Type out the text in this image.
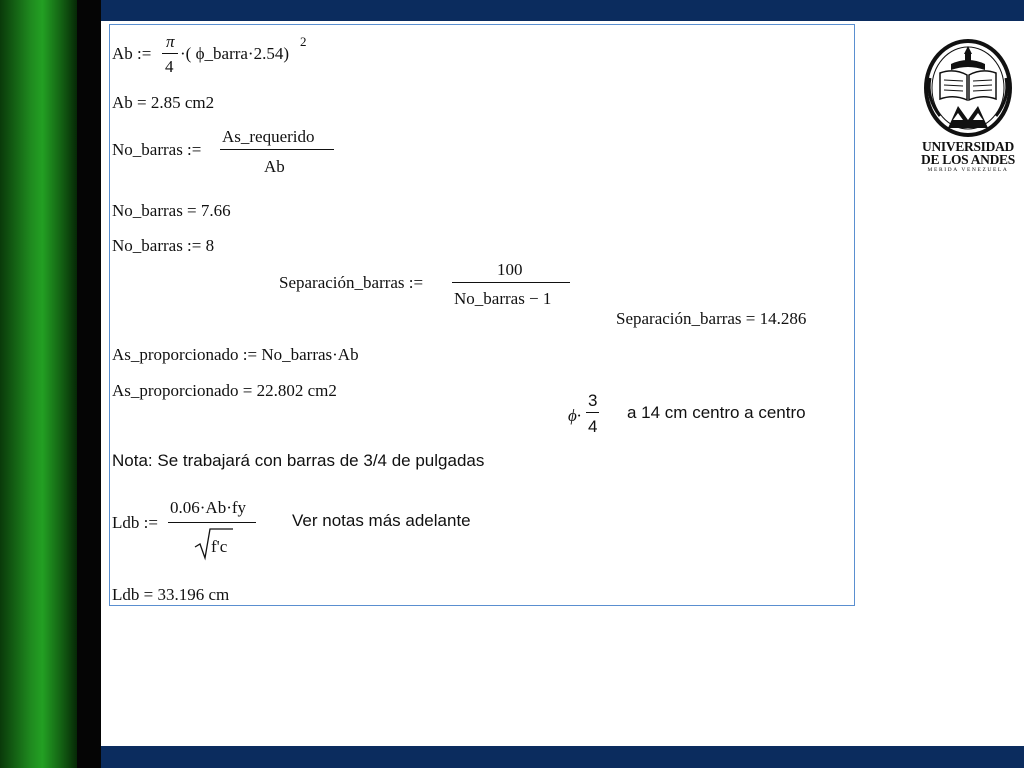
Ab :=
π
4
·( ϕ_barra·2.54)
2
Ab = 2.85 cm2
No_barras :=
As_requerido
Ab
No_barras = 7.66
No_barras := 8
Separación_barras :=
100
No_barras − 1
Separación_barras = 14.286
As_proporcionado := No_barras·Ab
As_proporcionado = 22.802 cm2
ϕ·
3
4
a 14 cm centro a centro
Nota: Se trabajará con barras de 3/4 de pulgadas
Ldb :=
0.06·Ab·fy
f'c
Ver notas más adelante
Ldb = 33.196 cm
UNIVERSIDAD
DE LOS ANDES
MERIDA VENEZUELA
